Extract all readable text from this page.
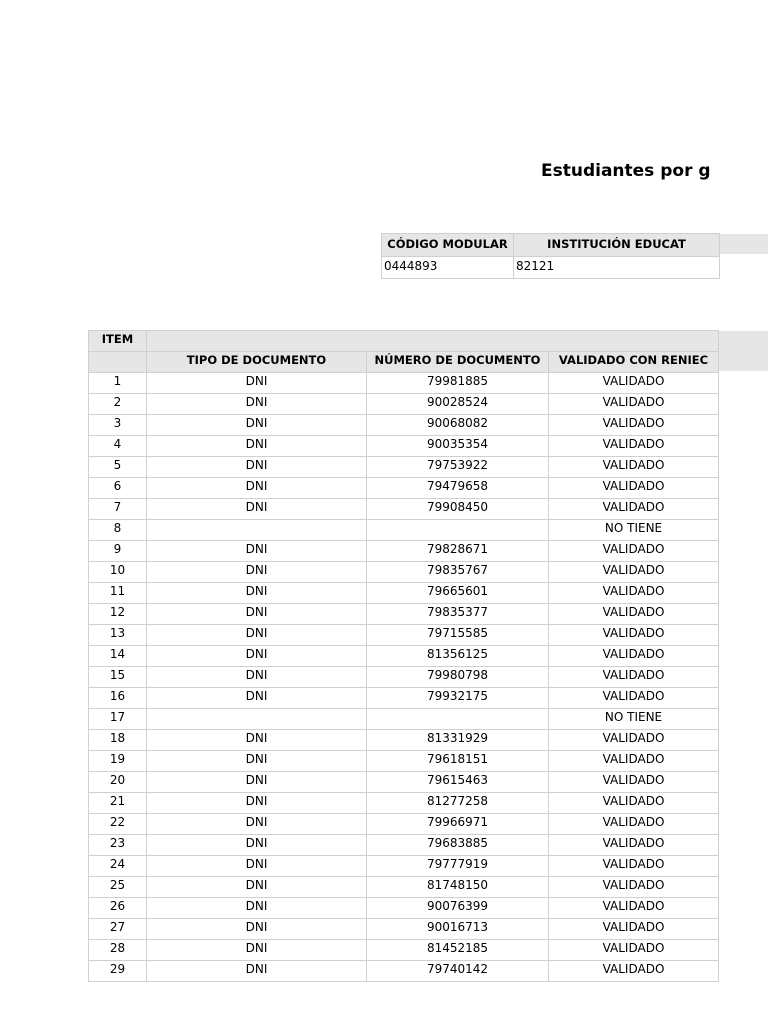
Estudiantes por g
CÓDIGO MODULAR	INSTITUCIÓN EDUCAT
0444893	82121
ITEM			
	TIPO DE DOCUMENTO	NÚMERO DE DOCUMENTO	VALIDADO CON RENIEC
1	DNI	79981885	VALIDADO
2	DNI	90028524	VALIDADO
3	DNI	90068082	VALIDADO
4	DNI	90035354	VALIDADO
5	DNI	79753922	VALIDADO
6	DNI	79479658	VALIDADO
7	DNI	79908450	VALIDADO
8			NO TIENE
9	DNI	79828671	VALIDADO
10	DNI	79835767	VALIDADO
11	DNI	79665601	VALIDADO
12	DNI	79835377	VALIDADO
13	DNI	79715585	VALIDADO
14	DNI	81356125	VALIDADO
15	DNI	79980798	VALIDADO
16	DNI	79932175	VALIDADO
17			NO TIENE
18	DNI	81331929	VALIDADO
19	DNI	79618151	VALIDADO
20	DNI	79615463	VALIDADO
21	DNI	81277258	VALIDADO
22	DNI	79966971	VALIDADO
23	DNI	79683885	VALIDADO
24	DNI	79777919	VALIDADO
25	DNI	81748150	VALIDADO
26	DNI	90076399	VALIDADO
27	DNI	90016713	VALIDADO
28	DNI	81452185	VALIDADO
29	DNI	79740142	VALIDADO
